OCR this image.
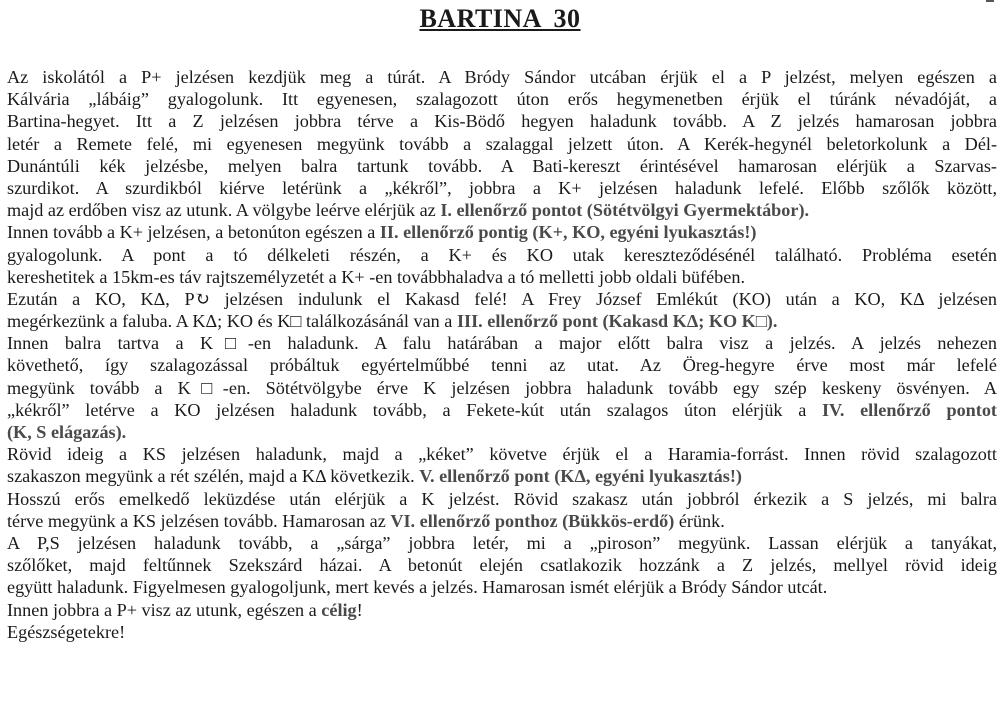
BARTINA 30
Az iskolától a P+ jelzésen kezdjük meg a túrát. A Bródy Sándor utcában érjük el a P jelzést, melyen egészen a
Kálvária „lábáig” gyalogolunk. Itt egyenesen, szalagozott úton erős hegymenetben érjük el túránk névadóját, a
Bartina-hegyet. Itt a Z jelzésen jobbra térve a Kis-Bödő hegyen haladunk tovább. A Z jelzés hamarosan jobbra
letér a Remete felé, mi egyenesen megyünk tovább a szalaggal jelzett úton. A Kerék-hegynél beletorkolunk a Dél-
Dunántúli kék jelzésbe, melyen balra tartunk tovább. A Bati-kereszt érintésével hamarosan elérjük a Szarvas-
szurdikot. A szurdikból kiérve letérünk a „kékről”, jobbra a K+ jelzésen haladunk lefelé. Előbb szőlők között,
majd az erdőben visz az utunk. A völgybe leérve elérjük az I. ellenőrző pontot (Sötétvölgyi Gyermektábor).
Innen tovább a K+ jelzésen, a betonúton egészen a II. ellenőrző pontig (K+, KO, egyéni lyukasztás!)
gyalogolunk. A pont a tó délkeleti részén, a K+ és KO utak kereszteződésénél található. Probléma esetén
kereshetitek a 15km-es táv rajtszemélyzetét a K+ -en továbbhaladva a tó melletti jobb oldali büfében.
Ezután a KO, KΔ, P↻ jelzésen indulunk el Kakasd felé! A Frey József Emlékút (KO) után a KO, KΔ jelzésen
megérkezünk a faluba. A KΔ; KO és K□ találkozásánál van a III. ellenőrző pont (Kakasd KΔ; KO K□).
Innen balra tartva a K□-en haladunk. A falu határában a major előtt balra visz a jelzés. A jelzés nehezen
követhető, így szalagozással próbáltuk egyértelműbbé tenni az utat. Az Öreg-hegyre érve most már lefelé
megyünk tovább a K□-en. Sötétvölgybe érve K jelzésen jobbra haladunk tovább egy szép keskeny ösvényen. A
„kékről” letérve a KO jelzésen haladunk tovább, a Fekete-kút után szalagos úton elérjük a IV. ellenőrző pontot
(K, S elágazás).
Rövid ideig a KS jelzésen haladunk, majd a „kéket” követve érjük el a Haramia-forrást. Innen rövid szalagozott
szakaszon megyünk a rét szélén, majd a KΔ következik. V. ellenőrző pont (KΔ, egyéni lyukasztás!)
Hosszú erős emelkedő leküzdése után elérjük a K jelzést. Rövid szakasz után jobbról érkezik a S jelzés, mi balra
térve megyünk a KS jelzésen tovább. Hamarosan az VI. ellenőrző ponthoz (Bükkös-erdő) érünk.
A P,S jelzésen haladunk tovább, a „sárga” jobbra letér, mi a „piroson” megyünk. Lassan elérjük a tanyákat,
szőlőket, majd feltűnnek Szekszárd házai. A betonút elején csatlakozik hozzánk a Z jelzés, mellyel rövid ideig
együtt haladunk. Figyelmesen gyalogoljunk, mert kevés a jelzés. Hamarosan ismét elérjük a Bródy Sándor utcát.
Innen jobbra a P+ visz az utunk, egészen a célig!
Egészségetekre!
